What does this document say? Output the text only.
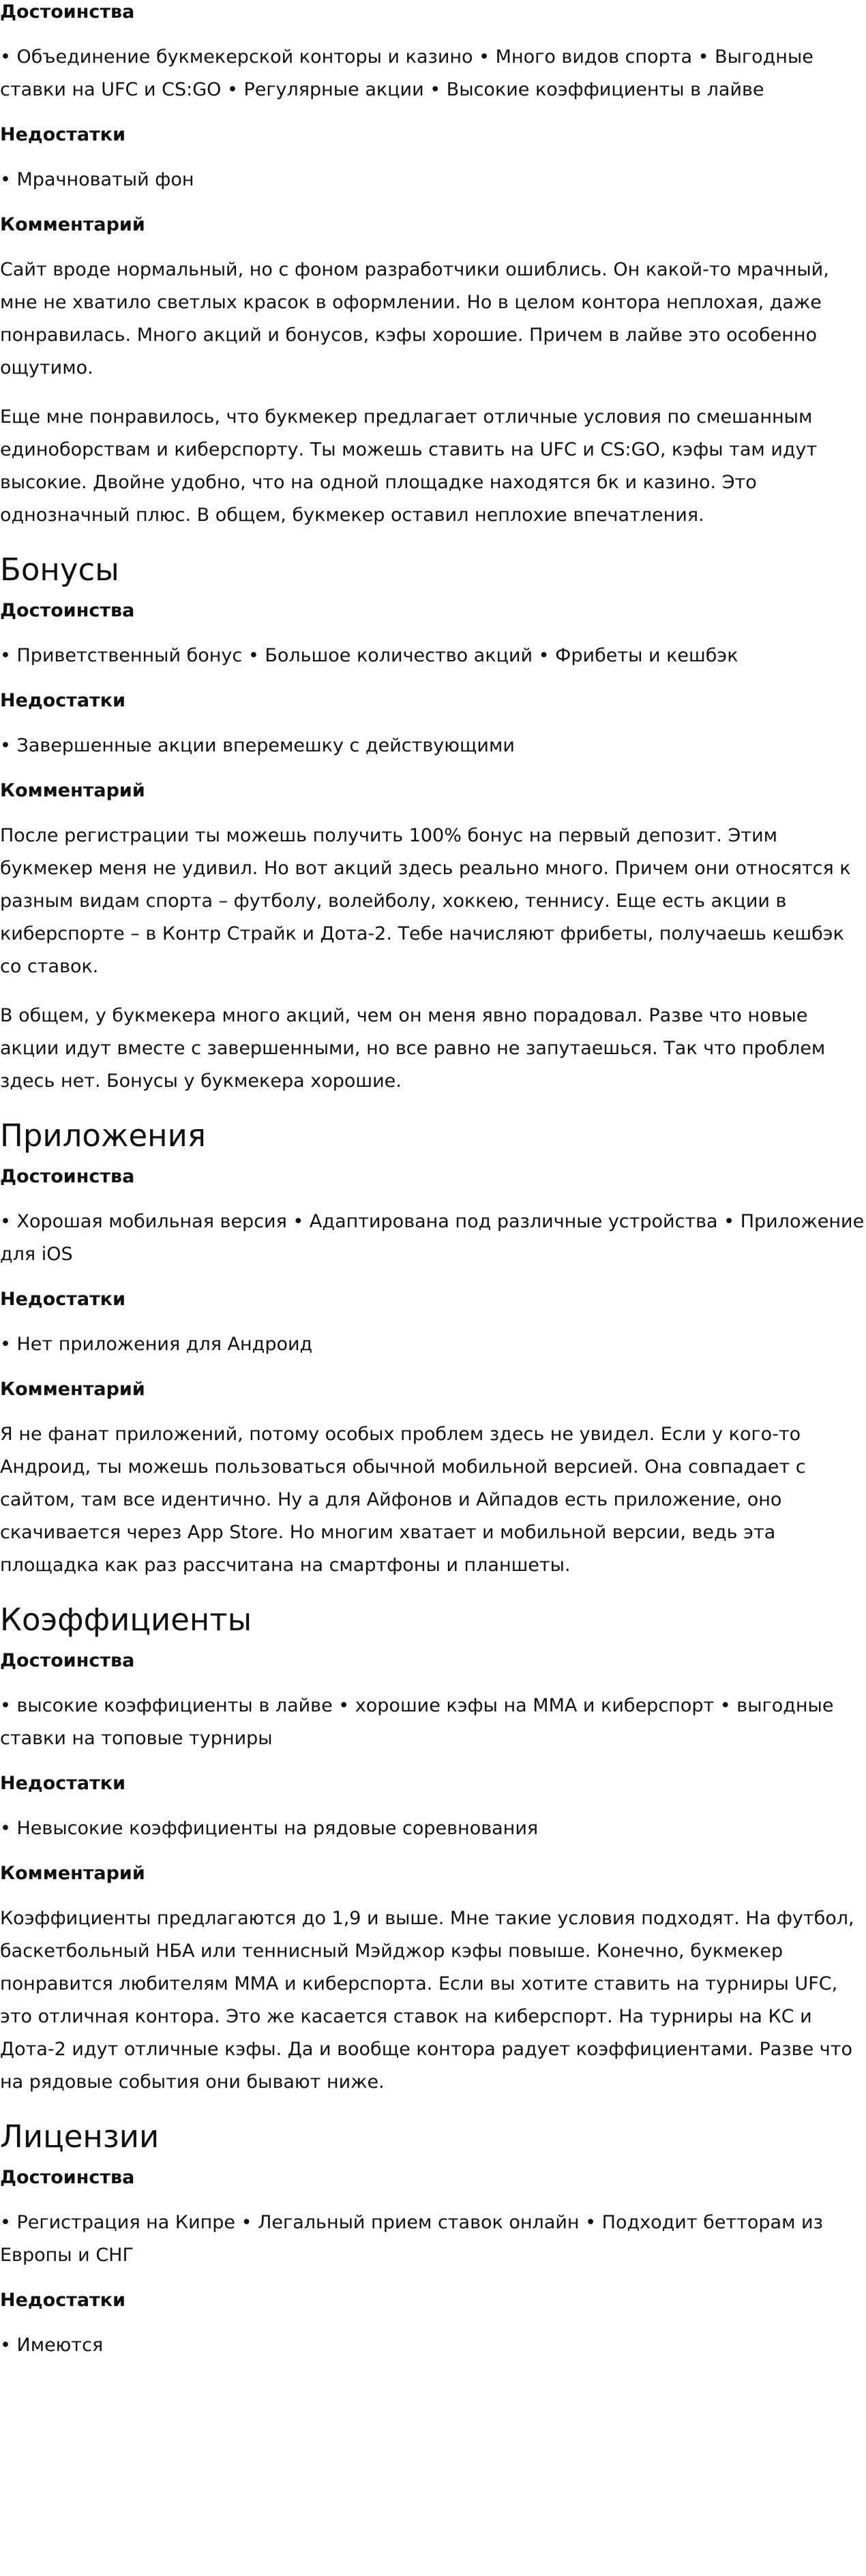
Достоинства
• Объединение букмекерской конторы и казино • Много видов спорта • Выгодные ставки на UFC и CS:GO • Регулярные акции • Высокие коэффициенты в лайве
Недостатки
• Мрачноватый фон
Комментарий
Сайт вроде нормальный, но с фоном разработчики ошиблись. Он какой-то мрачный, мне не хватило светлых красок в оформлении. Но в целом контора неплохая, даже понравилась. Много акций и бонусов, кэфы хорошие. Причем в лайве это особенно ощутимо.
Еще мне понравилось, что букмекер предлагает отличные условия по смешанным единоборствам и киберспорту. Ты можешь ставить на UFC и CS:GO, кэфы там идут высокие. Двойне удобно, что на одной площадке находятся бк и казино. Это однозначный плюс. В общем, букмекер оставил неплохие впечатления.
Бонусы
Достоинства
• Приветственный бонус • Большое количество акций • Фрибеты и кешбэк
Недостатки
• Завершенные акции вперемешку с действующими
Комментарий
После регистрации ты можешь получить 100% бонус на первый депозит. Этим букмекер меня не удивил. Но вот акций здесь реально много. Причем они относятся к разным видам спорта – футболу, волейболу, хоккею, теннису. Еще есть акции в киберспорте – в Контр Страйк и Дота-2. Тебе начисляют фрибеты, получаешь кешбэк со ставок.
В общем, у букмекера много акций, чем он меня явно порадовал. Разве что новые акции идут вместе с завершенными, но все равно не запутаешься. Так что проблем здесь нет. Бонусы у букмекера хорошие.
Приложения
Достоинства
• Хорошая мобильная версия • Адаптирована под различные устройства • Приложение для iOS
Недостатки
• Нет приложения для Андроид
Комментарий
Я не фанат приложений, потому особых проблем здесь не увидел. Если у кого-то Андроид, ты можешь пользоваться обычной мобильной версией. Она совпадает с сайтом, там все идентично. Ну а для Айфонов и Айпадов есть приложение, оно скачивается через App Store. Но многим хватает и мобильной версии, ведь эта площадка как раз рассчитана на смартфоны и планшеты.
Коэффициенты
Достоинства
• высокие коэффициенты в лайве • хорошие кэфы на ММА и киберспорт • выгодные ставки на топовые турниры
Недостатки
• Невысокие коэффициенты на рядовые соревнования
Комментарий
Коэффициенты предлагаются до 1,9 и выше. Мне такие условия подходят. На футбол, баскетбольный НБА или теннисный Мэйджор кэфы повыше. Конечно, букмекер понравится любителям ММА и киберспорта. Если вы хотите ставить на турниры UFC, это отличная контора. Это же касается ставок на киберспорт. На турниры на КС и Дота-2 идут отличные кэфы. Да и вообще контора радует коэффициентами. Разве что на рядовые события они бывают ниже.
Лицензии
Достоинства
• Регистрация на Кипре • Легальный прием ставок онлайн • Подходит бетторам из Европы и СНГ
Недостатки
• Имеются
